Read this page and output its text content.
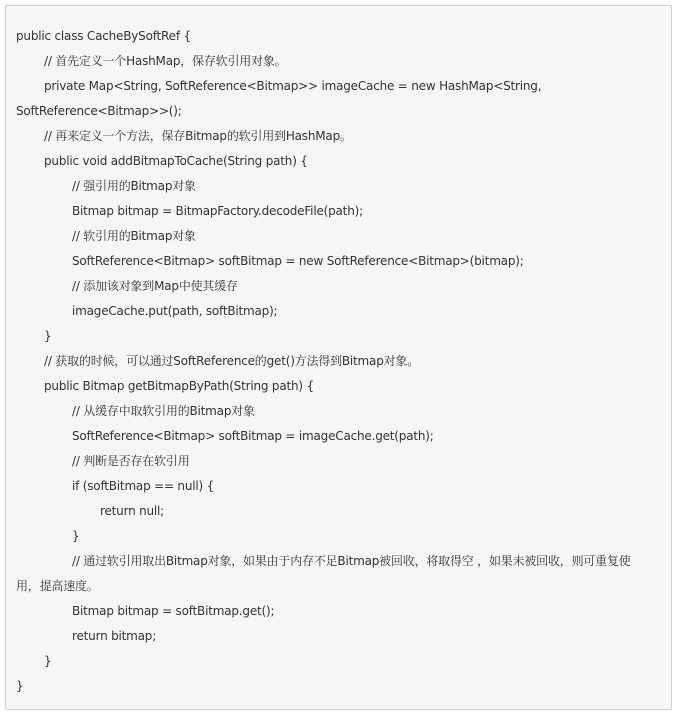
public class CacheBySoftRef {
// 首先定义一个HashMap，保存软引用对象。
private Map<String, SoftReference<Bitmap>> imageCache = new HashMap<String,
SoftReference<Bitmap>>();
// 再来定义一个方法，保存Bitmap的软引用到HashMap。
public void addBitmapToCache(String path) {
// 强引用的Bitmap对象
Bitmap bitmap = BitmapFactory.decodeFile(path);
// 软引用的Bitmap对象
SoftReference<Bitmap> softBitmap = new SoftReference<Bitmap>(bitmap);
// 添加该对象到Map中使其缓存
imageCache.put(path, softBitmap);
}
// 获取的时候，可以通过SoftReference的get()方法得到Bitmap对象。
public Bitmap getBitmapByPath(String path) {
// 从缓存中取软引用的Bitmap对象
SoftReference<Bitmap> softBitmap = imageCache.get(path);
// 判断是否存在软引用
if (softBitmap == null) {
return null;
}
// 通过软引用取出Bitmap对象，如果由于内存不足Bitmap被回收，将取得空 ，如果未被回收，则可重复使
用，提高速度。
Bitmap bitmap = softBitmap.get();
return bitmap;
}
}
